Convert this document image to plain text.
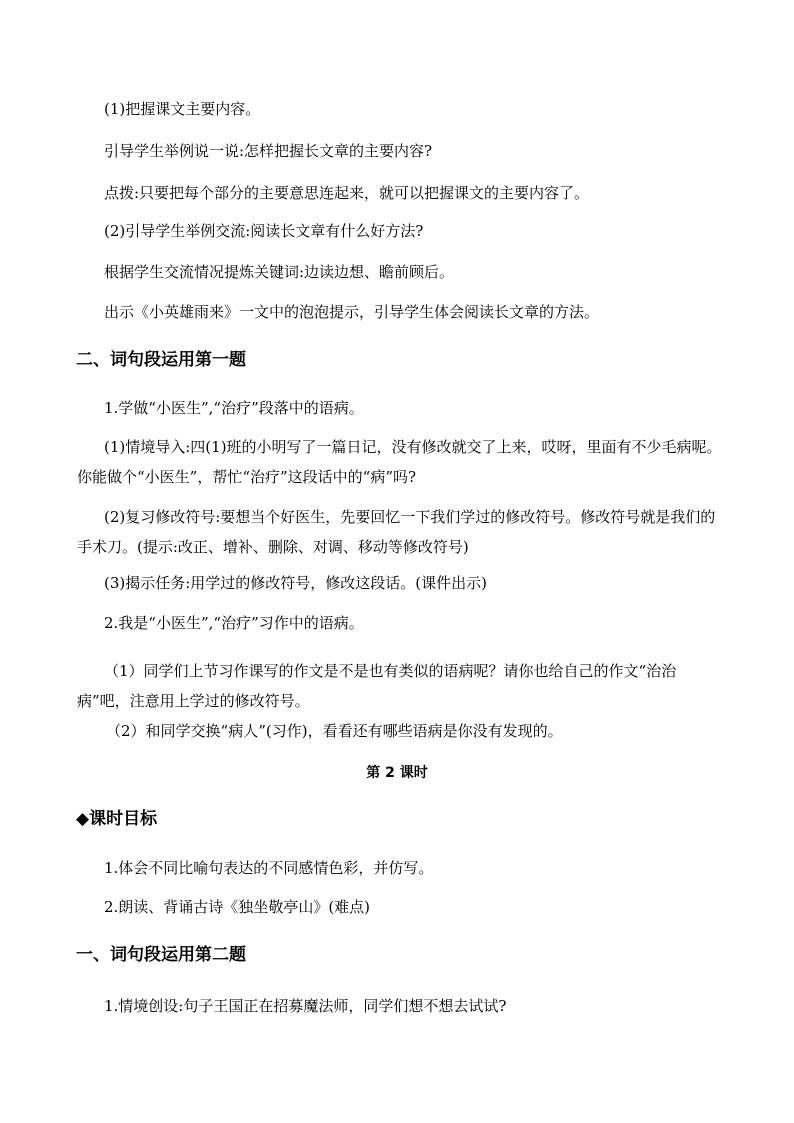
(1)把握课文主要内容。
引导学生举例说一说:怎样把握长文章的主要内容?
点拨:只要把每个部分的主要意思连起来，就可以把握课文的主要内容了。
(2)引导学生举例交流:阅读长文章有什么好方法?
根据学生交流情况提炼关键词:边读边想、瞻前顾后。
出示《小英雄雨来》一文中的泡泡提示，引导学生体会阅读长文章的方法。
二、词句段运用第一题
1.学做“小医生”,“治疗”段落中的语病。
(1)情境导入:四(1)班的小明写了一篇日记，没有修改就交了上来，哎呀，里面有不少毛病呢。你能做个“小医生”，帮忙“治疗”这段话中的“病”吗?
(2)复习修改符号:要想当个好医生，先要回忆一下我们学过的修改符号。修改符号就是我们的手术刀。(提示:改正、增补、删除、对调、移动等修改符号)
(3)揭示任务:用学过的修改符号，修改这段话。(课件出示)
2.我是“小医生”,“治疗”习作中的语病。
（1）同学们上节习作课写的作文是不是也有类似的语病呢？请你也给自己的作文“治治病”吧，注意用上学过的修改符号。
（2）和同学交换“病人”(习作)，看看还有哪些语病是你没有发现的。
第 2 课时
◆课时目标
1.体会不同比喻句表达的不同感情色彩，并仿写。
2.朗读、背诵古诗《独坐敬亭山》(难点)
一、词句段运用第二题
1.情境创设:句子王国正在招募魔法师，同学们想不想去试试?
